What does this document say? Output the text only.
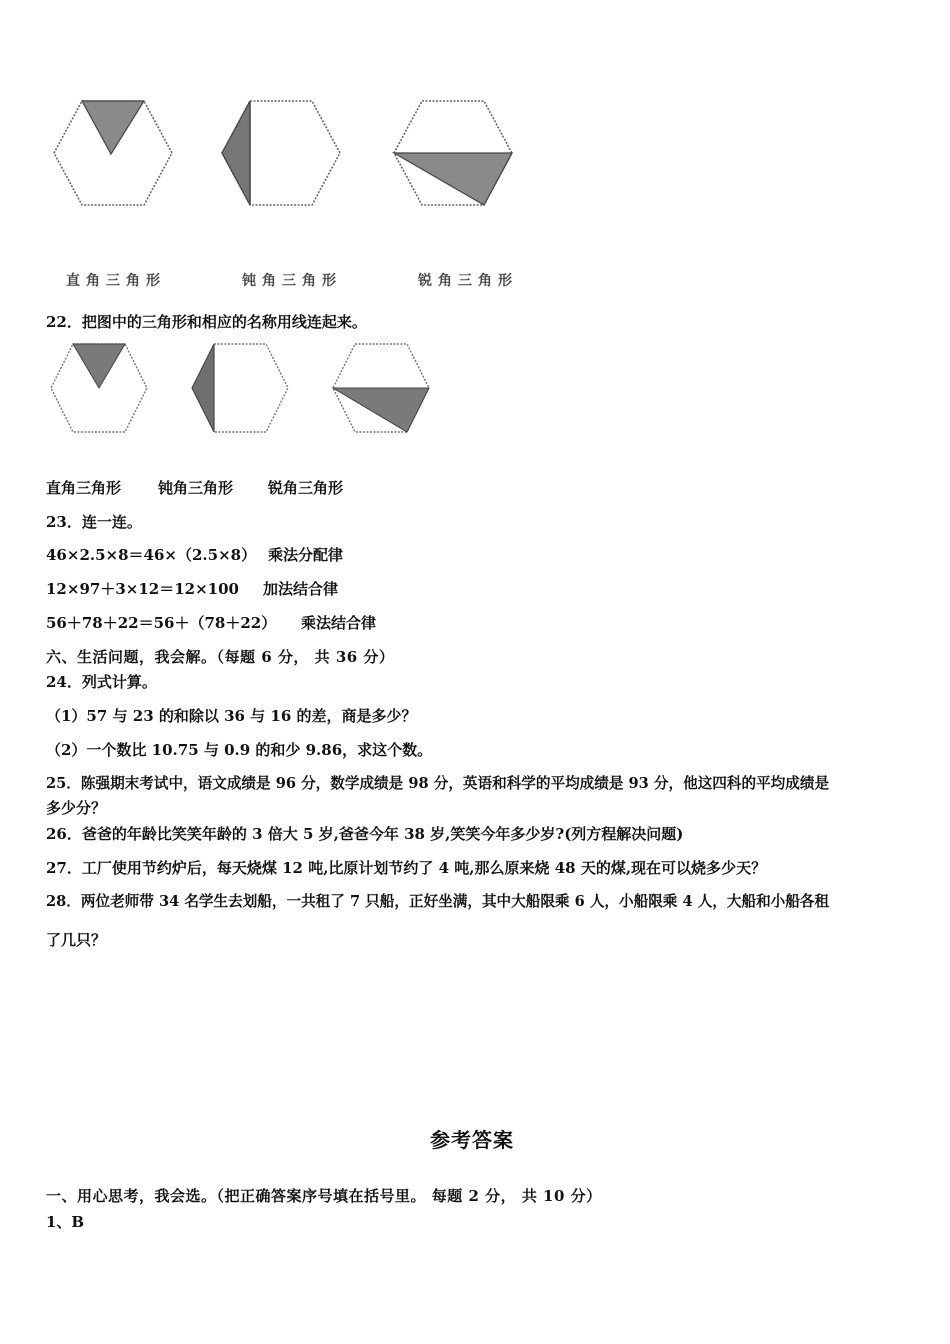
直角三角形	钝角三角形	锐角三角形
22．把图中的三角形和相应的名称用线连起来。
直角三角形 钝角三角形 锐角三角形
23．连一连。
46×2.5×8＝46×（2.5×8） 乘法分配律
12×97＋3×12＝12×100 加法结合律
56＋78＋22＝56＋（78＋22） 乘法结合律
六、生活问题，我会解。（每题 6 分， 共 36 分）
24．列式计算。
（1）57 与 23 的和除以 36 与 16 的差，商是多少？
（2）一个数比 10.75 与 0.9 的和少 9.86，求这个数。
25．陈强期末考试中，语文成绩是 96 分，数学成绩是 98 分，英语和科学的平均成绩是 93 分，他这四科的平均成绩是
多少分？
26．爸爸的年龄比笑笑年龄的 3 倍大 5 岁,爸爸今年 38 岁,笑笑今年多少岁?(列方程解决问题)
27．工厂使用节约炉后，每天烧煤 12 吨,比原计划节约了 4 吨,那么原来烧 48 天的煤,现在可以烧多少天？
28．两位老师带 34 名学生去划船，一共租了 7 只船，正好坐满，其中大船限乘 6 人，小船限乘 4 人，大船和小船各租
了几只？
参考答案
一、用心思考，我会选。（把正确答案序号填在括号里。 每题 2 分， 共 10 分）
1、B
